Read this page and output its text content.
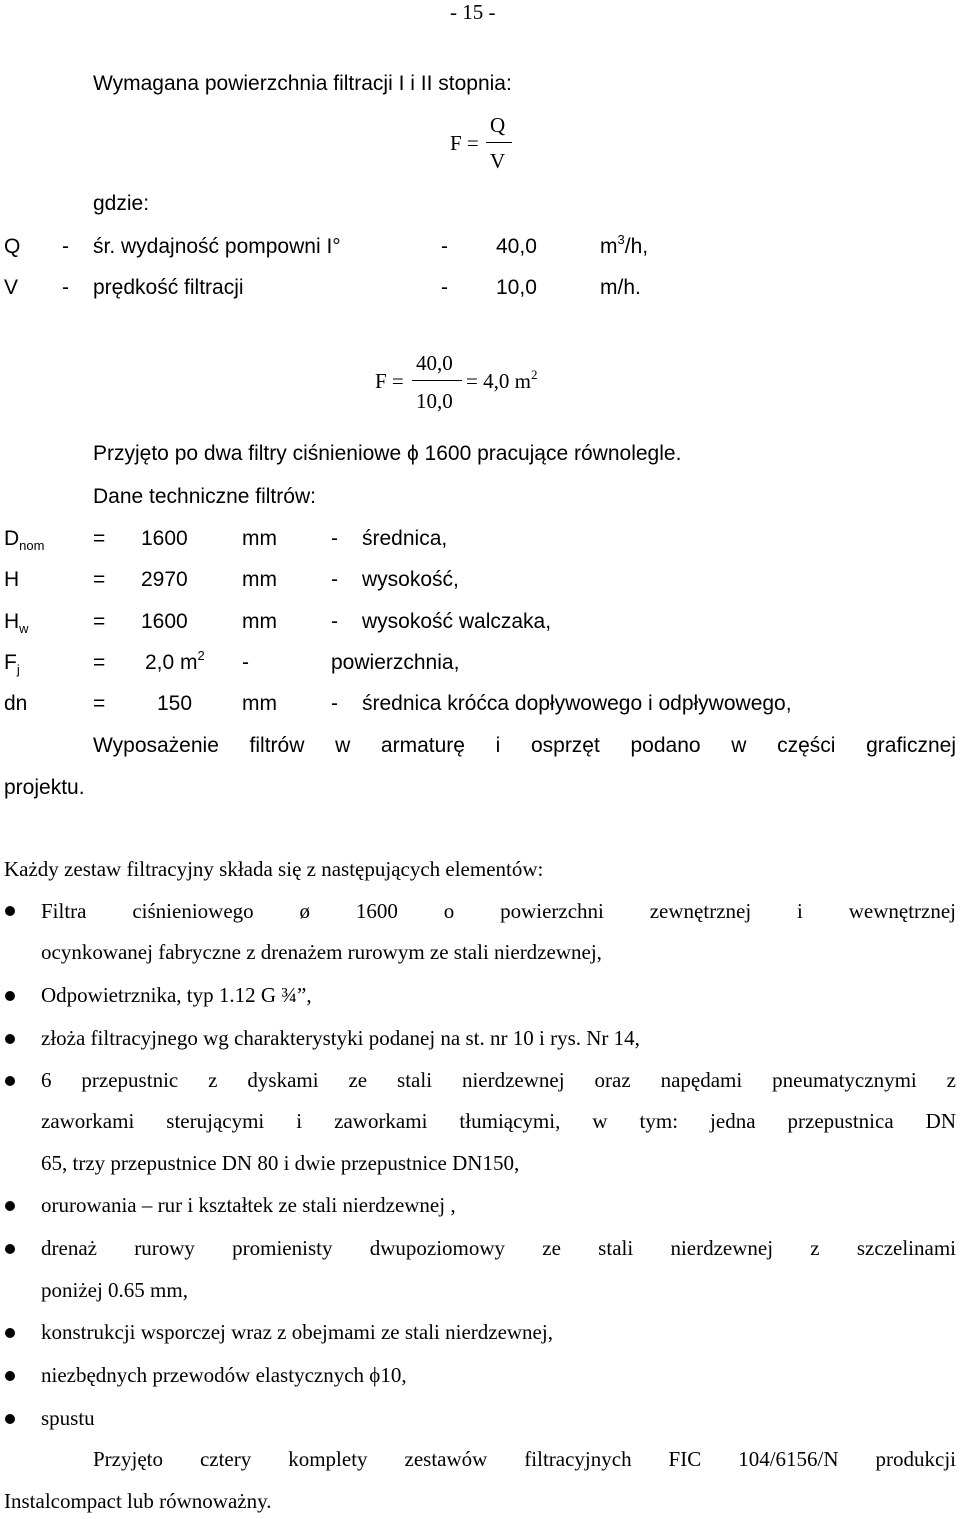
- 15 -
Wymagana powierzchnia filtracji I i II stopnia:
F =
Q
V
gdzie:
Q - śr. wydajność pompowni I°	- 40,0	$m^3/h$,
V - prędkość filtracji	- 10,0	m/h.
F =
40,0
10,0
= 4,0 $m^2$
Przyjęto po dwa filtry ciśnieniowe ϕ 1600 pracujące równolegle.
Dane techniczne filtrów:
$D_{nom} = 1600$	mm	- średnica,
H	= 2970	mm	- wysokość,
$H_w$	= 1600	mm	- wysokość walczaka,
$F_j$	= 2,0 $m^2$ -	powierzchnia,
dn	= 150 mm	- średnica króćca dopływowego i odpływowego,
Wyposażenie filtrów w armaturę i osprzęt podano w części graficznej
projektu.
Każdy zestaw filtracyjny składa się z następujących elementów:
Filtra ciśnieniowego ø 1600 o powierzchni zewnętrznej i wewnętrznej
ocynkowanej fabryczne z drenażem rurowym ze stali nierdzewnej,
Odpowietrznika, typ 1.12 G ¾”,
złoża filtracyjnego wg charakterystyki podanej na st. nr 10 i rys. Nr 14,
6 przepustnic z dyskami ze stali nierdzewnej oraz napędami pneumatycznymi z
zaworkami sterującymi i zaworkami tłumiącymi, w tym: jedna przepustnica DN
65, trzy przepustnice DN 80 i dwie przepustnice DN150,
orurowania – rur i kształtek ze stali nierdzewnej ,
drenaż rurowy promienisty dwupoziomowy ze stali nierdzewnej z szczelinami
poniżej 0.65 mm,
konstrukcji wsporczej wraz z obejmami ze stali nierdzewnej,
niezbędnych przewodów elastycznych ϕ10,
spustu
Przyjęto cztery komplety zestawów filtracyjnych FIC 104/6156/N produkcji
Instalcompact lub równoważny.
